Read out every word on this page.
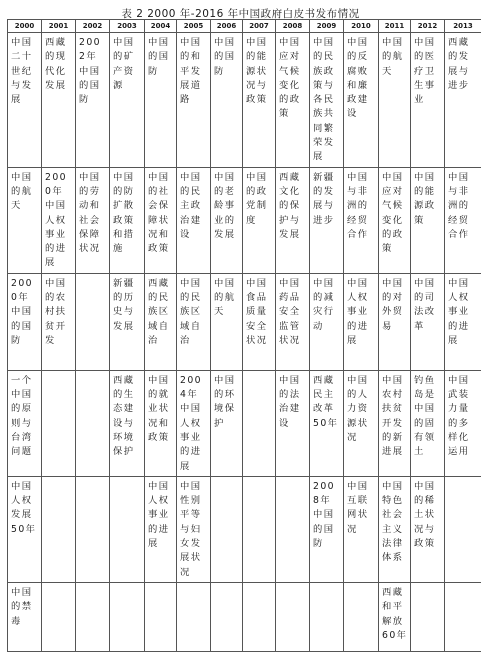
表 2 2000 年-2016 年中国政府白皮书发布情况
2000	2001	2002	2003	2004	2005	2006	2007	2008	2009	2010	2011	2012	2013

中国二十世纪与发展	西藏的现代化发展	2002年中国的国防	中国的矿产资源	中国的国防	中国的和平发展道路	中国的国防	中国的能源状况与政策	中国应对气候变化的政策	中国的民族政策与各民族共同繁荣发展	中国的反腐败和廉政建设	中国的航天	中国的医疗卫生事业	西藏的发展与进步

中国的航天	2000年中国人权事业的进展	中国的劳动和社会保障状况	中国的防扩散政策和措施	中国的社会保障状况和政策	中国的民主政治建设	中国的老龄事业的发展	中国的政党制度	西藏文化的保护与发展	新疆的发展与进步	中国与非洲的经贸合作	中国应对气候变化的政策	中国的能源政策	中国与非洲的经贸合作

2000年中国的国防	中国的农村扶贫开发		新疆的历史与发展	西藏的民族区域自治	中国的民族区域自治	中国的航天	中国食品质量安全状况	中国药品安全监管状况	中国的减灾行动	中国人权事业的进展	中国的对外贸易	中国的司法改革	中国人权事业的进展

一个中国的原则与台湾问题			西藏的生态建设与环境保护	中国的就业状况和政策	2004年中国人权事业的进展	中国的环境保护		中国的法治建设	西藏民主改革50年	中国的人力资源状况	中国农村扶贫开发的新进展	钓鱼岛是中国的固有领土	中国武装力量的多样化运用

中国人权发展50年				中国人权事业的进展	中国性别平等与妇女发展状况				2008年中国的国防	中国互联网状况	中国特色社会主义法律体系	中国的稀土状况与政策	

中国的禁毒											西藏和平解放60年		
